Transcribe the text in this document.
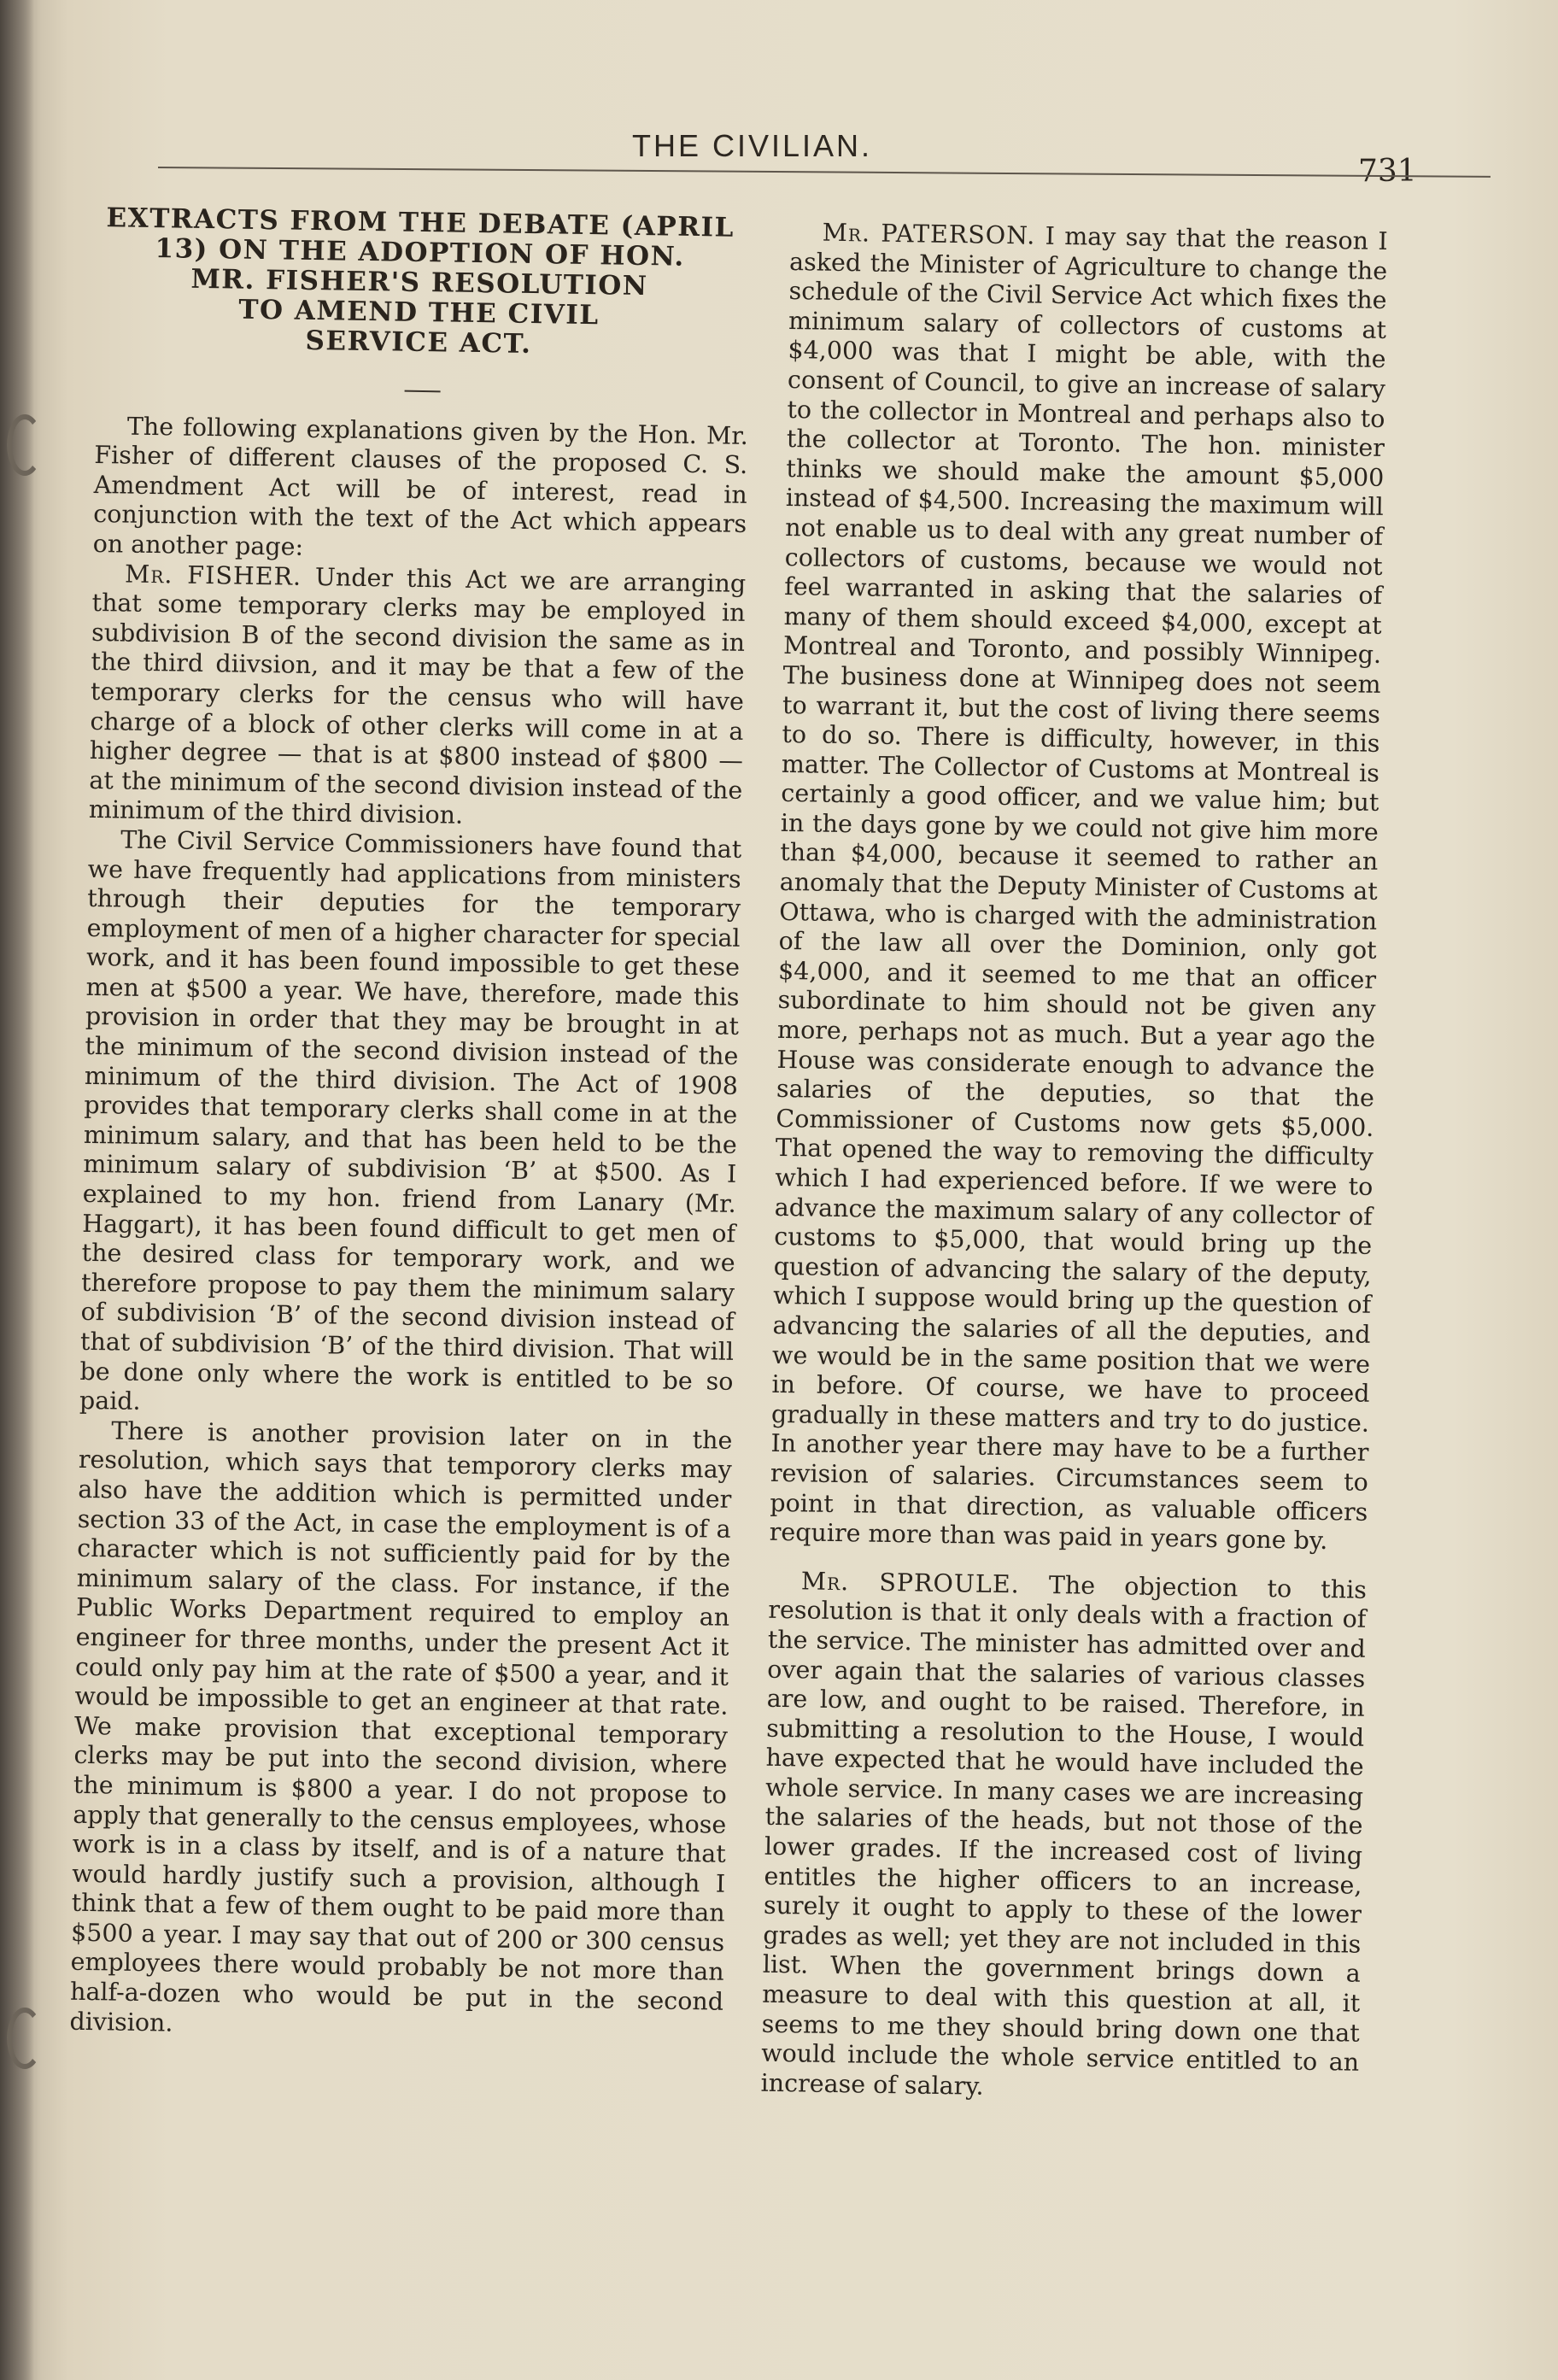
THE CIVILIAN.
731
EXTRACTS FROM THE DEBATE (APRIL
13) ON THE ADOPTION OF HON.
MR. FISHER'S RESOLUTION
TO AMEND THE CIVIL
SERVICE ACT.

The following explanations given by the Hon. Mr. Fisher of different clauses of the proposed C. S. Amendment Act will be of interest, read in conjunction with the text of the Act which appears on another page:

Mr. FISHER. Under this Act we are arranging that some temporary clerks may be employed in subdivision B of the second division the same as in the third diivsion, and it may be that a few of the temporary clerks for the census who will have charge of a block of other clerks will come in at a higher degree — that is at $800 instead of $800 — at the minimum of the second division instead of the minimum of the third division.

The Civil Service Commissioners have found that we have frequently had applications from ministers through their deputies for the temporary employment of men of a higher character for special work, and it has been found impossible to get these men at $500 a year. We have, therefore, made this provision in order that they may be brought in at the minimum of the second division instead of the minimum of the third division. The Act of 1908 provides that temporary clerks shall come in at the minimum salary, and that has been held to be the minimum salary of subdivision ‘B’ at $500. As I explained to my hon. friend from Lanary (Mr. Haggart), it has been found difficult to get men of the desired class for temporary work, and we therefore propose to pay them the minimum salary of subdivision ‘B’ of the second division instead of that of subdivision ‘B’ of the third division. That will be done only where the work is entitled to be so paid.

There is another provision later on in the resolution, which says that temporory clerks may also have the addition which is permitted under section 33 of the Act, in case the employment is of a character which is not sufficiently paid for by the minimum salary of the class. For instance, if the Public Works Department required to employ an engineer for three months, under the present Act it could only pay him at the rate of $500 a year, and it would be impossible to get an engineer at that rate. We make provision that exceptional temporary clerks may be put into the second division, where the minimum is $800 a year. I do not propose to apply that generally to the census employees, whose work is in a class by itself, and is of a nature that would hardly justify such a provision, although I think that a few of them ought to be paid more than $500 a year. I may say that out of 200 or 300 census employees there would probably be not more than half-a-dozen who would be put in the second division.

Mr. PATERSON. I may say that the reason I asked the Minister of Agriculture to change the schedule of the Civil Service Act which fixes the minimum salary of collectors of customs at $4,000 was that I might be able, with the consent of Council, to give an increase of salary to the collector in Montreal and perhaps also to the collector at Toronto. The hon. minister thinks we should make the amount $5,000 instead of $4,500. Increasing the maximum will not enable us to deal with any great number of collectors of customs, because we would not feel warranted in asking that the salaries of many of them should exceed $4,000, except at Montreal and Toronto, and possibly Winnipeg. The business done at Winnipeg does not seem to warrant it, but the cost of living there seems to do so. There is difficulty, however, in this matter. The Collector of Customs at Montreal is certainly a good officer, and we value him; but in the days gone by we could not give him more than $4,000, because it seemed to rather an anomaly that the Deputy Minister of Customs at Ottawa, who is charged with the administration of the law all over the Dominion, only got $4,000, and it seemed to me that an officer subordinate to him should not be given any more, perhaps not as much. But a year ago the House was considerate enough to advance the salaries of the deputies, so that the Commissioner of Customs now gets $5,000. That opened the way to removing the difficulty which I had experienced before. If we were to advance the maximum salary of any collector of customs to $5,000, that would bring up the question of advancing the salary of the deputy, which I suppose would bring up the question of advancing the salaries of all the deputies, and we would be in the same position that we were in before. Of course, we have to proceed gradually in these matters and try to do justice. In another year there may have to be a further revision of salaries. Circumstances seem to point in that direction, as valuable officers require more than was paid in years gone by.

Mr. SPROULE. The objection to this resolution is that it only deals with a fraction of the service. The minister has admitted over and over again that the salaries of various classes are low, and ought to be raised. Therefore, in submitting a resolution to the House, I would have expected that he would have included the whole service. In many cases we are increasing the salaries of the heads, but not those of the lower grades. If the increased cost of living entitles the higher officers to an increase, surely it ought to apply to these of the lower grades as well; yet they are not included in this list. When the government brings down a measure to deal with this question at all, it seems to me they should bring down one that would include the whole service entitled to an increase of salary.
